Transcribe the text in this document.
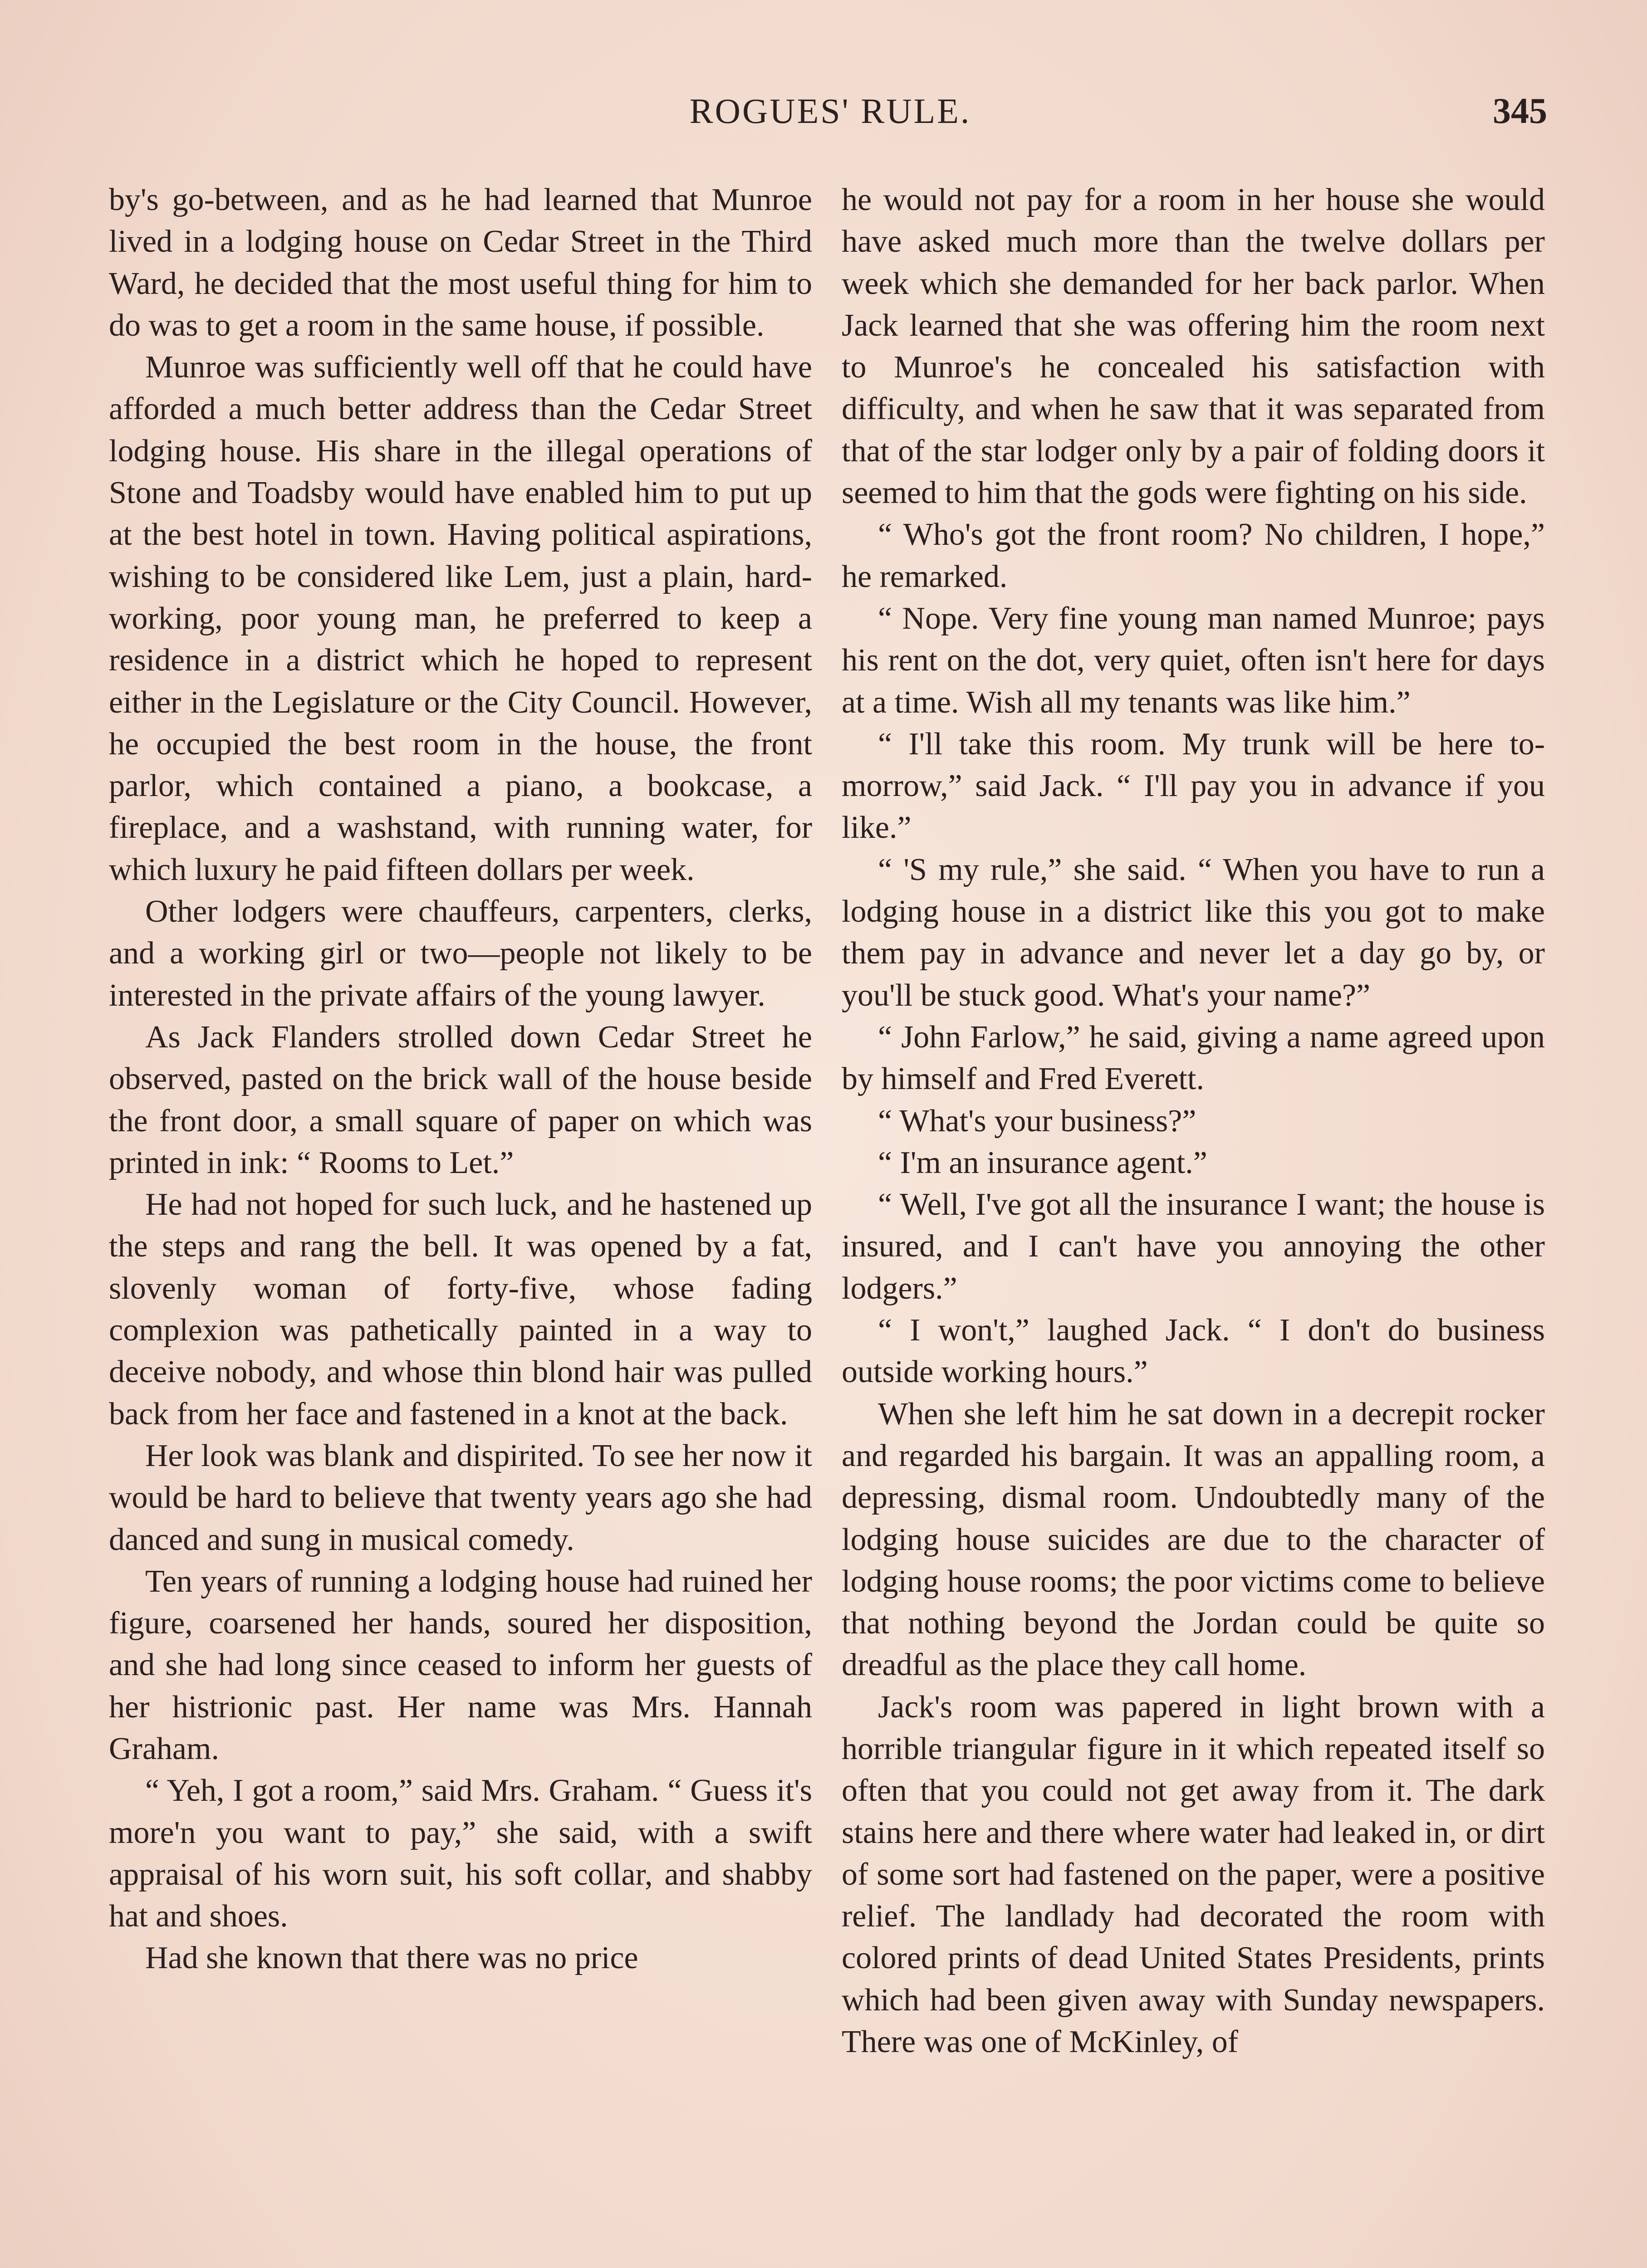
ROGUES' RULE.	345

by's go-between, and as he had learned that Munroe lived in a lodging house on Cedar Street in the Third Ward, he decided that the most useful thing for him to do was to get a room in the same house, if possible.

Munroe was sufficiently well off that he could have afforded a much better address than the Cedar Street lodging house. His share in the illegal operations of Stone and Toadsby would have enabled him to put up at the best hotel in town. Having political aspirations, wishing to be considered like Lem, just a plain, hard-working, poor young man, he preferred to keep a residence in a district which he hoped to represent either in the Legislature or the City Council. However, he occupied the best room in the house, the front parlor, which contained a piano, a bookcase, a fireplace, and a washstand, with running water, for which luxury he paid fifteen dollars per week.

Other lodgers were chauffeurs, carpenters, clerks, and a working girl or two—people not likely to be interested in the private affairs of the young lawyer.

As Jack Flanders strolled down Cedar Street he observed, pasted on the brick wall of the house beside the front door, a small square of paper on which was printed in ink: “ Rooms to Let.”

He had not hoped for such luck, and he hastened up the steps and rang the bell. It was opened by a fat, slovenly woman of forty-five, whose fading complexion was pathetically painted in a way to deceive nobody, and whose thin blond hair was pulled back from her face and fastened in a knot at the back.

Her look was blank and dispirited. To see her now it would be hard to believe that twenty years ago she had danced and sung in musical comedy.

Ten years of running a lodging house had ruined her figure, coarsened her hands, soured her disposition, and she had long since ceased to inform her guests of her histrionic past. Her name was Mrs. Hannah Graham.

“ Yeh, I got a room,” said Mrs. Graham. “ Guess it's more'n you want to pay,” she said, with a swift appraisal of his worn suit, his soft collar, and shabby hat and shoes.

Had she known that there was no price

he would not pay for a room in her house she would have asked much more than the twelve dollars per week which she demanded for her back parlor. When Jack learned that she was offering him the room next to Munroe's he concealed his satisfaction with difficulty, and when he saw that it was separated from that of the star lodger only by a pair of folding doors it seemed to him that the gods were fighting on his side.

“ Who's got the front room? No children, I hope,” he remarked.

“ Nope. Very fine young man named Munroe; pays his rent on the dot, very quiet, often isn't here for days at a time. Wish all my tenants was like him.”

“ I'll take this room. My trunk will be here to-morrow,” said Jack. “ I'll pay you in advance if you like.”

“ 'S my rule,” she said. “ When you have to run a lodging house in a district like this you got to make them pay in advance and never let a day go by, or you'll be stuck good. What's your name?”

“ John Farlow,” he said, giving a name agreed upon by himself and Fred Everett.

“ What's your business?”

“ I'm an insurance agent.”

“ Well, I've got all the insurance I want; the house is insured, and I can't have you annoying the other lodgers.”

“ I won't,” laughed Jack. “ I don't do business outside working hours.”

When she left him he sat down in a decrepit rocker and regarded his bargain. It was an appalling room, a depressing, dismal room. Undoubtedly many of the lodging house suicides are due to the character of lodging house rooms; the poor victims come to believe that nothing beyond the Jordan could be quite so dreadful as the place they call home.

Jack's room was papered in light brown with a horrible triangular figure in it which repeated itself so often that you could not get away from it. The dark stains here and there where water had leaked in, or dirt of some sort had fastened on the paper, were a positive relief. The landlady had decorated the room with colored prints of dead United States Presidents, prints which had been given away with Sunday newspapers. There was one of McKinley, of
